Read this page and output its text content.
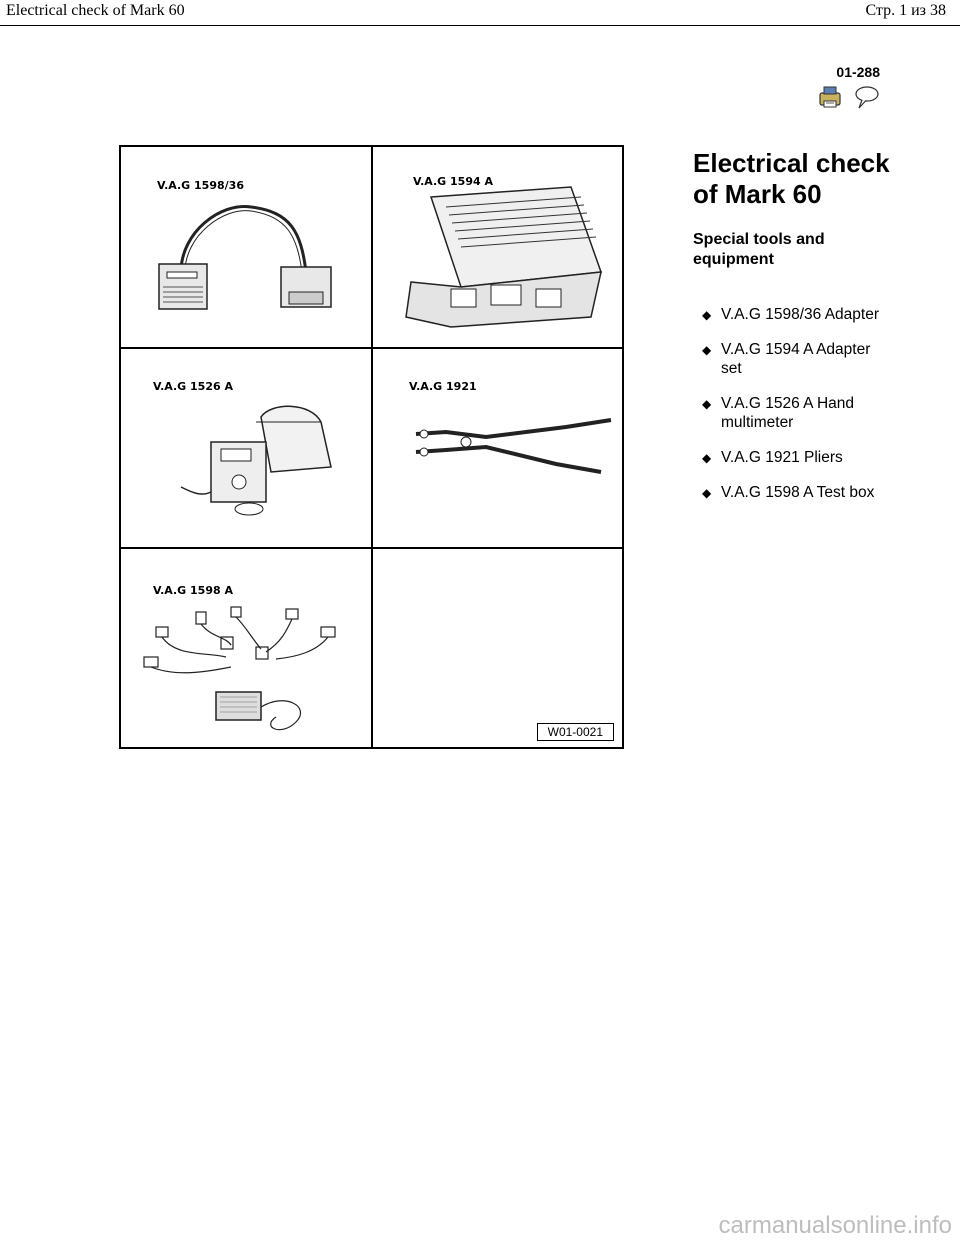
Electrical check of Mark 60	Стр. 1 из 38
01-288
V.A.G 1598/36	V.A.G 1594 A
V.A.G 1526 A	V.A.G 1921
V.A.G 1598 A
W01-0021
Electrical check of Mark 60
Special tools and equipment
◆ V.A.G 1598/36 Adapter
◆ V.A.G 1594 A Adapter set
◆ V.A.G 1526 A Hand multimeter
◆ V.A.G 1921 Pliers
◆ V.A.G 1598 A Test box
carmanualsonline.info
